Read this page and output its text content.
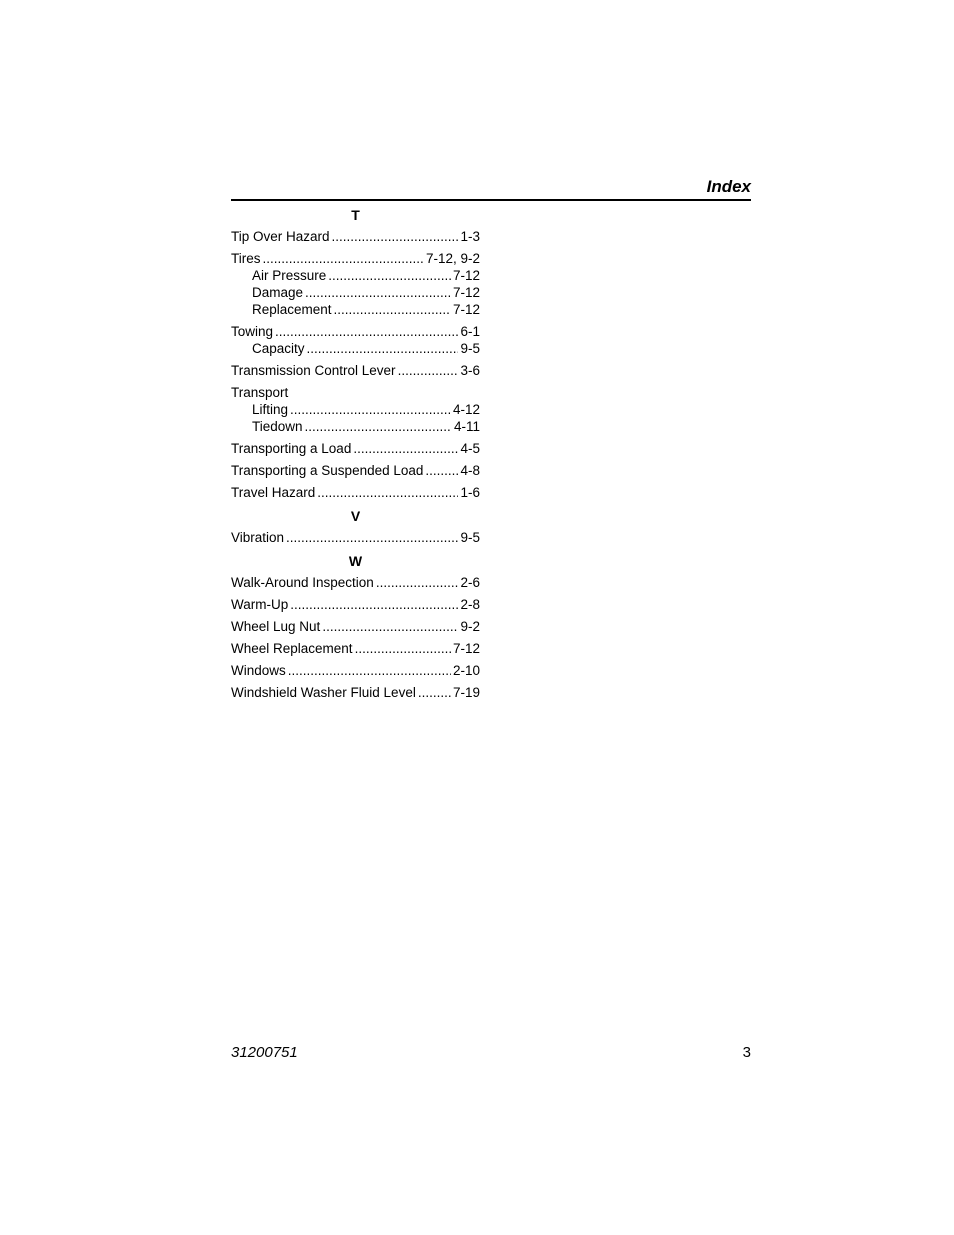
Index
T
Tip Over Hazard .....	1-3
Tires .....	7-12, 9-2
Air Pressure .....	7-12
Damage .....	7-12
Replacement .....	7-12
Towing .....	6-1
Capacity .....	9-5
Transmission Control Lever .....	3-6
Transport
Lifting .....	4-12
Tiedown .....	4-11
Transporting a Load .....	4-5
Transporting a Suspended Load .....	4-8
Travel Hazard .....	1-6
V
Vibration .....	9-5
W
Walk-Around Inspection .....	2-6
Warm-Up .....	2-8
Wheel Lug Nut .....	9-2
Wheel Replacement .....	7-12
Windows .....	2-10
Windshield Washer Fluid Level .....	7-19
31200751	3
